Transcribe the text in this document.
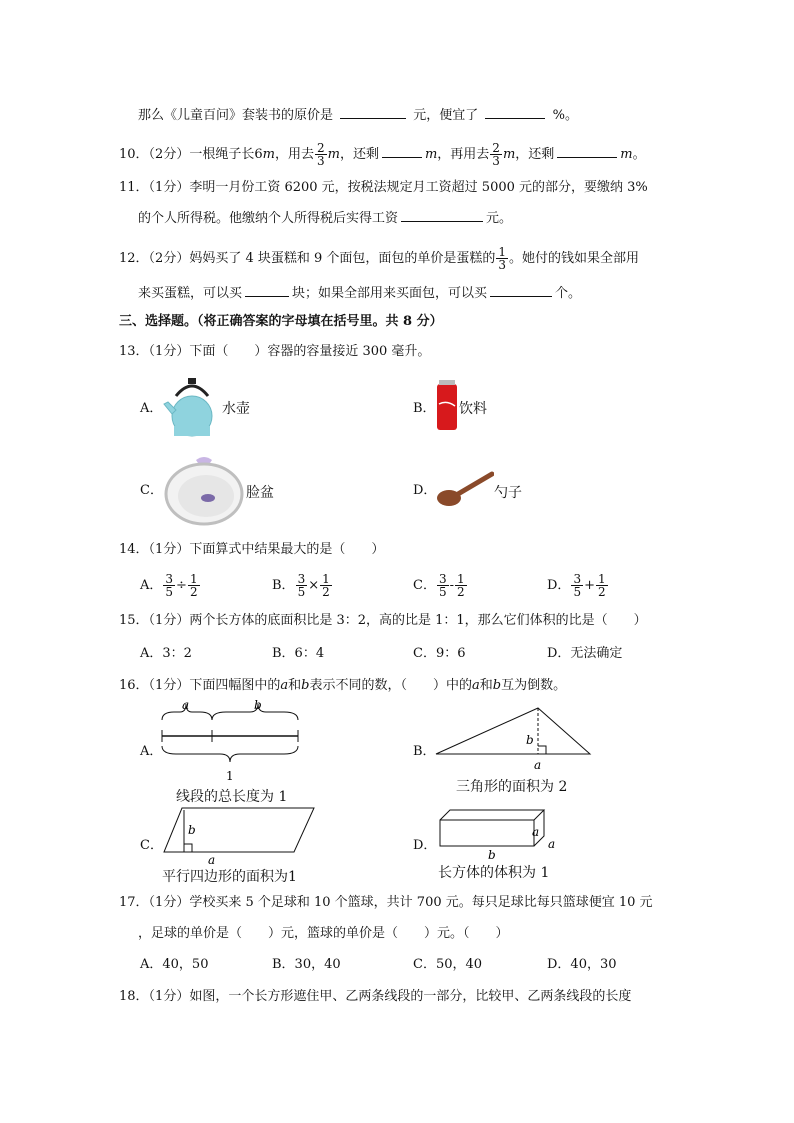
那么《儿童百问》套装书的原价是	元，便宜了	%。
10．（2分）一根绳子长6m，用去 $\frac{2}{3}$ m，还剩	m，再用去 $\frac{2}{3}$ m，还剩	m。
11．（1分）李明一月份工资 6200 元，按税法规定月工资超过 5000 元的部分，要缴纳 3%
的个人所得税。他缴纳个人所得税后实得工资	元。
12．（2分）妈妈买了 4 块蛋糕和 9 个面包，面包的单价是蛋糕的 $\frac{1}{3}$ 。她付的钱如果全部用
来买蛋糕，可以买	块；如果全部用来买面包，可以买	个。
三、选择题。（将正确答案的字母填在括号里。共 8 分）
13．（1分）下面（　　）容器的容量接近 300 毫升。
A．	水壶	B． 饮料
C．	脸盆	D．	勺子
14．（1分）下面算式中结果最大的是（　　）
A． $\frac{3}{5} \div \frac{1}{2}$	B． $\frac{3}{5} \times \frac{1}{2}$	C． $\frac{3}{5} - \frac{1}{2}$	D． $\frac{3}{5} + \frac{1}{2}$
15．（1分）两个长方体的底面积比是 3：2，高的比是 1：1，那么它们体积的比是（　　）
A．3：2	B．6：4	C．9：6	D．无法确定
16．（1分）下面四幅图中的a和b表示不同的数，（　　）中的a和b互为倒数。
A．
a	b
1
线段的总长度为 1
B．
b
a
三角形的面积为 2
C．
b
a
平行四边形的面积为1
D．
a
a
b
长方体的体积为 1
17．（1分）学校买来 5 个足球和 10 个篮球，共计 700 元。每只足球比每只篮球便宜 10 元
，足球的单价是（　　）元，篮球的单价是（　　）元。（　　）
A．40，50	B．30，40	C．50，40	D．40，30
18．（1分）如图，一个长方形遮住甲、乙两条线段的一部分，比较甲、乙两条线段的长度
